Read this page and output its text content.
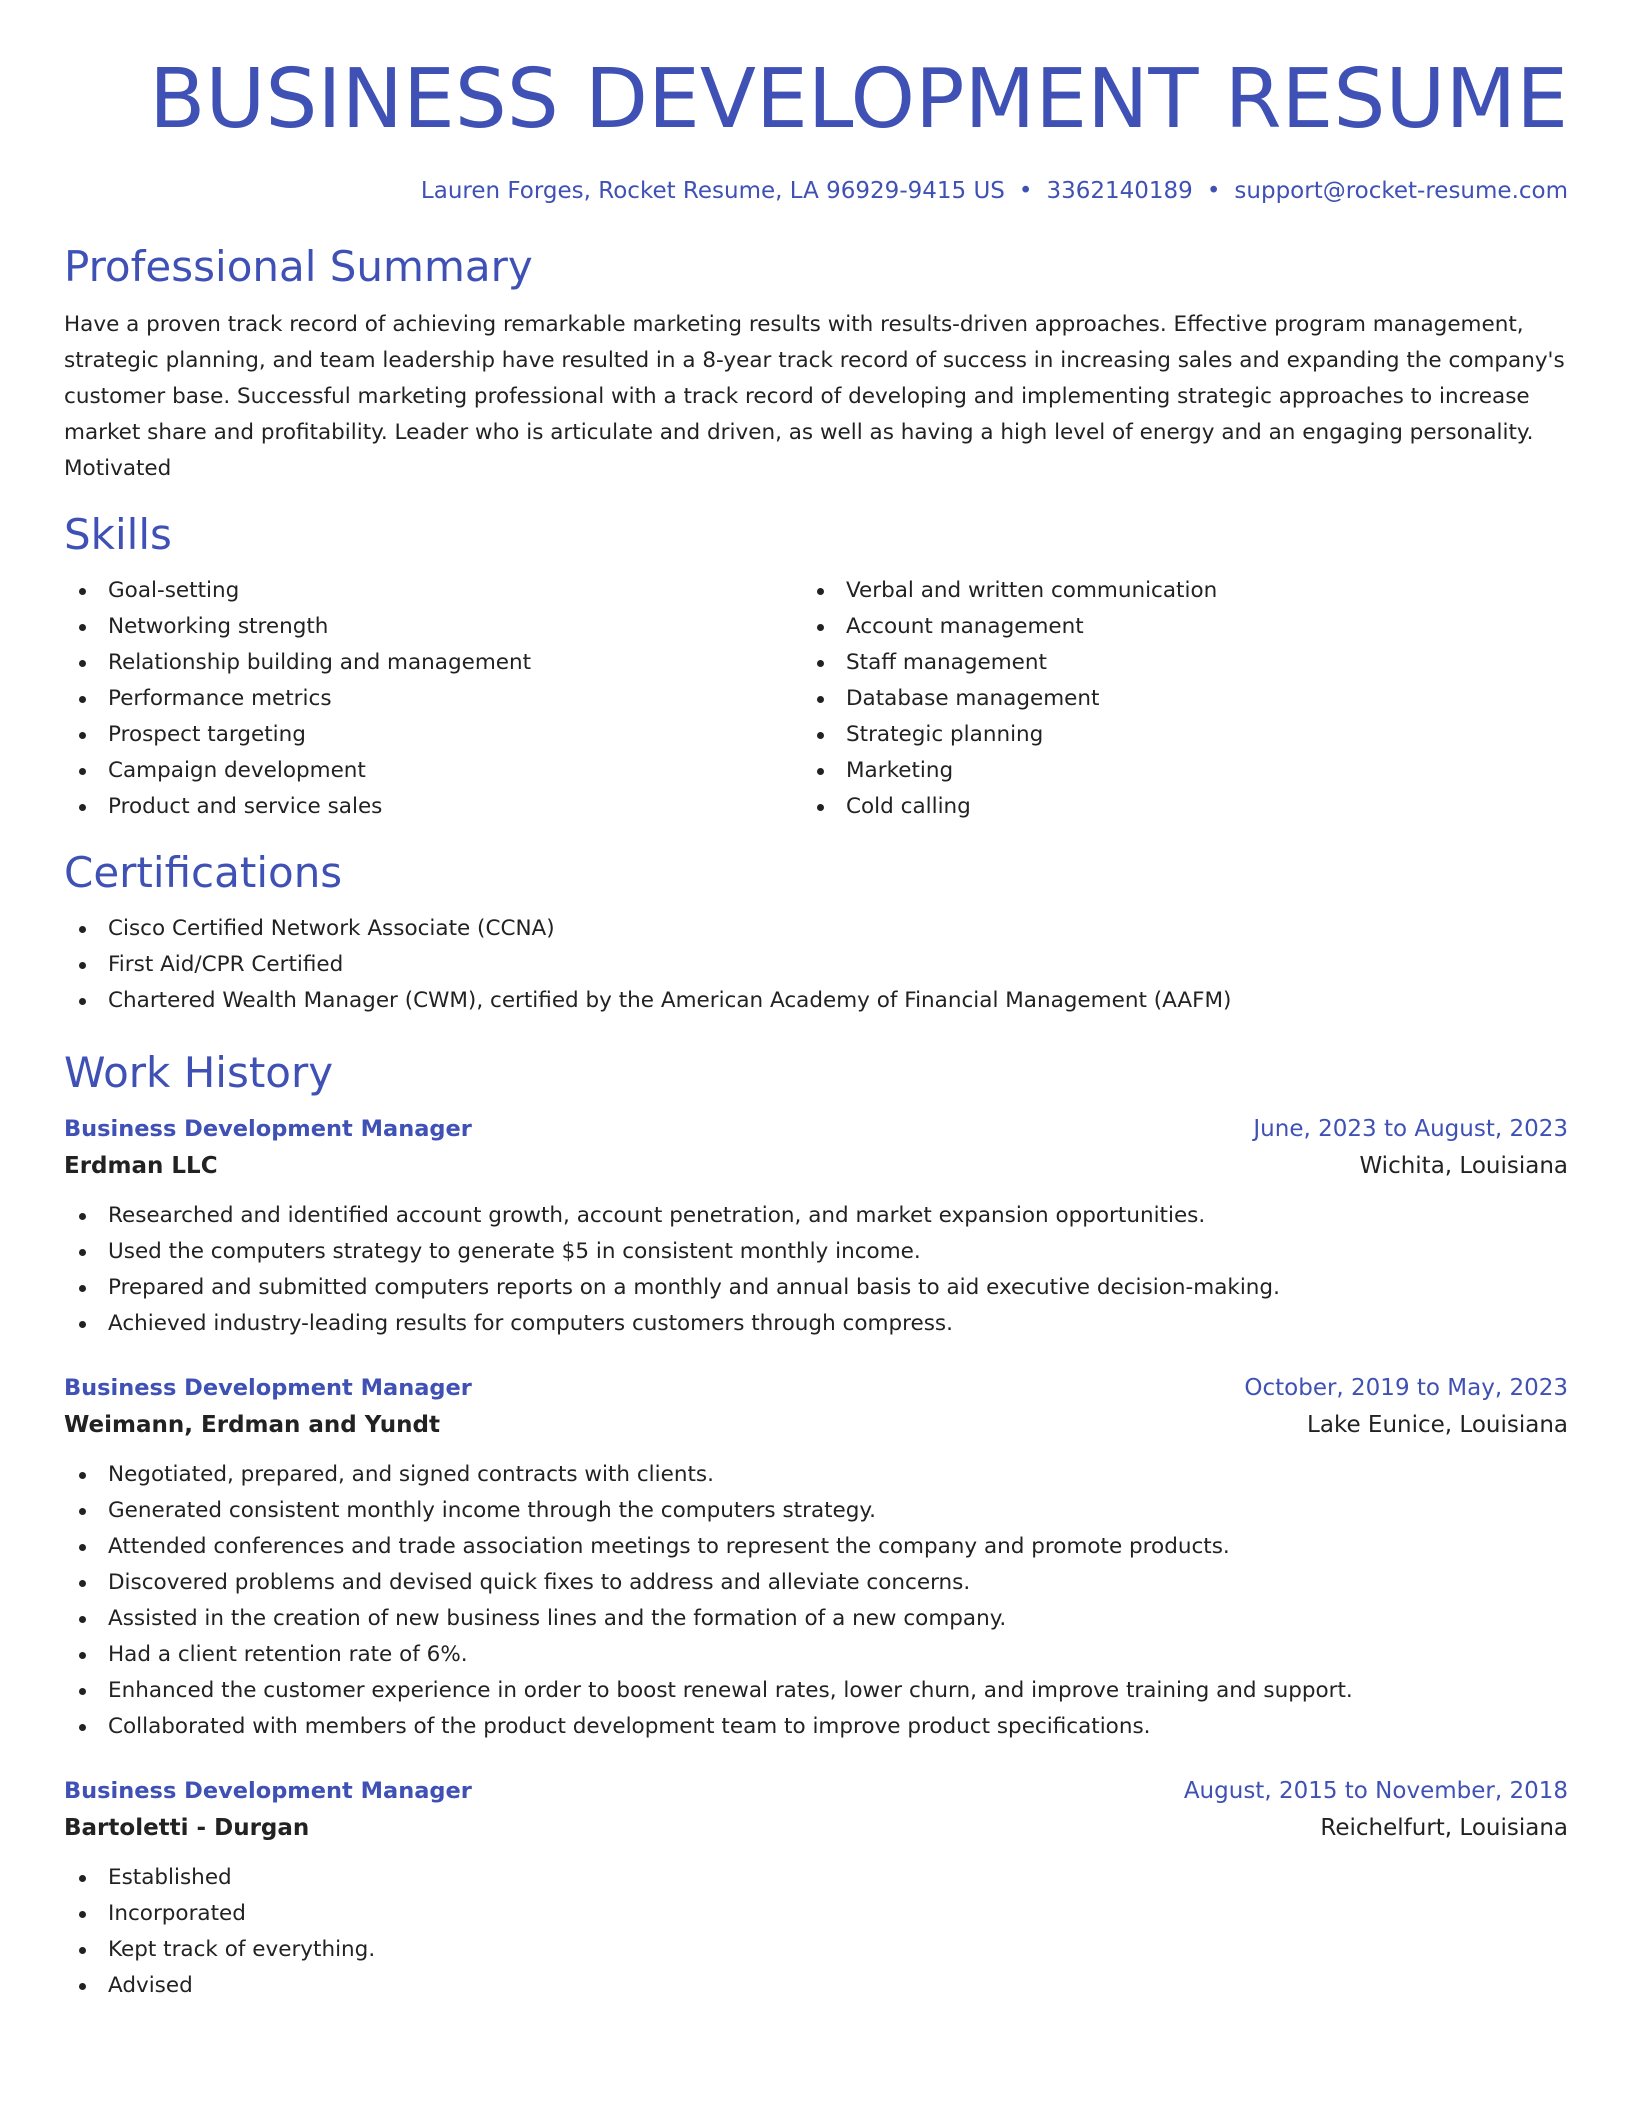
BUSINESS DEVELOPMENT RESUME
Lauren Forges, Rocket Resume, LA 96929-9415 US • 3362140189 • support@rocket-resume.com
Professional Summary

Have a proven track record of achieving remarkable marketing results with results-driven approaches. Effective program management, strategic planning, and team leadership have resulted in a 8-year track record of success in increasing sales and expanding the company's customer base. Successful marketing professional with a track record of developing and implementing strategic approaches to increase market share and profitability. Leader who is articulate and driven, as well as having a high level of energy and an engaging personality. Motivated

Skills
Goal-setting
Networking strength
Relationship building and management
Performance metrics
Prospect targeting
Campaign development
Product and service sales
Verbal and written communication
Account management
Staff management
Database management
Strategic planning
Marketing
Cold calling
Certifications
Cisco Certified Network Associate (CCNA)
First Aid/CPR Certified
Chartered Wealth Manager (CWM), certified by the American Academy of Financial Management (AAFM)
Work History
Business Development Manager	June, 2023 to August, 2023
Erdman LLC	Wichita, Louisiana
Researched and identified account growth, account penetration, and market expansion opportunities.
Used the computers strategy to generate $5 in consistent monthly income.
Prepared and submitted computers reports on a monthly and annual basis to aid executive decision-making.
Achieved industry-leading results for computers customers through compress.
Business Development Manager	October, 2019 to May, 2023
Weimann, Erdman and Yundt	Lake Eunice, Louisiana
Negotiated, prepared, and signed contracts with clients.
Generated consistent monthly income through the computers strategy.
Attended conferences and trade association meetings to represent the company and promote products.
Discovered problems and devised quick fixes to address and alleviate concerns.
Assisted in the creation of new business lines and the formation of a new company.
Had a client retention rate of 6%.
Enhanced the customer experience in order to boost renewal rates, lower churn, and improve training and support.
Collaborated with members of the product development team to improve product specifications.
Business Development Manager	August, 2015 to November, 2018
Bartoletti - Durgan	Reichelfurt, Louisiana
Established
Incorporated
Kept track of everything.
Advised
